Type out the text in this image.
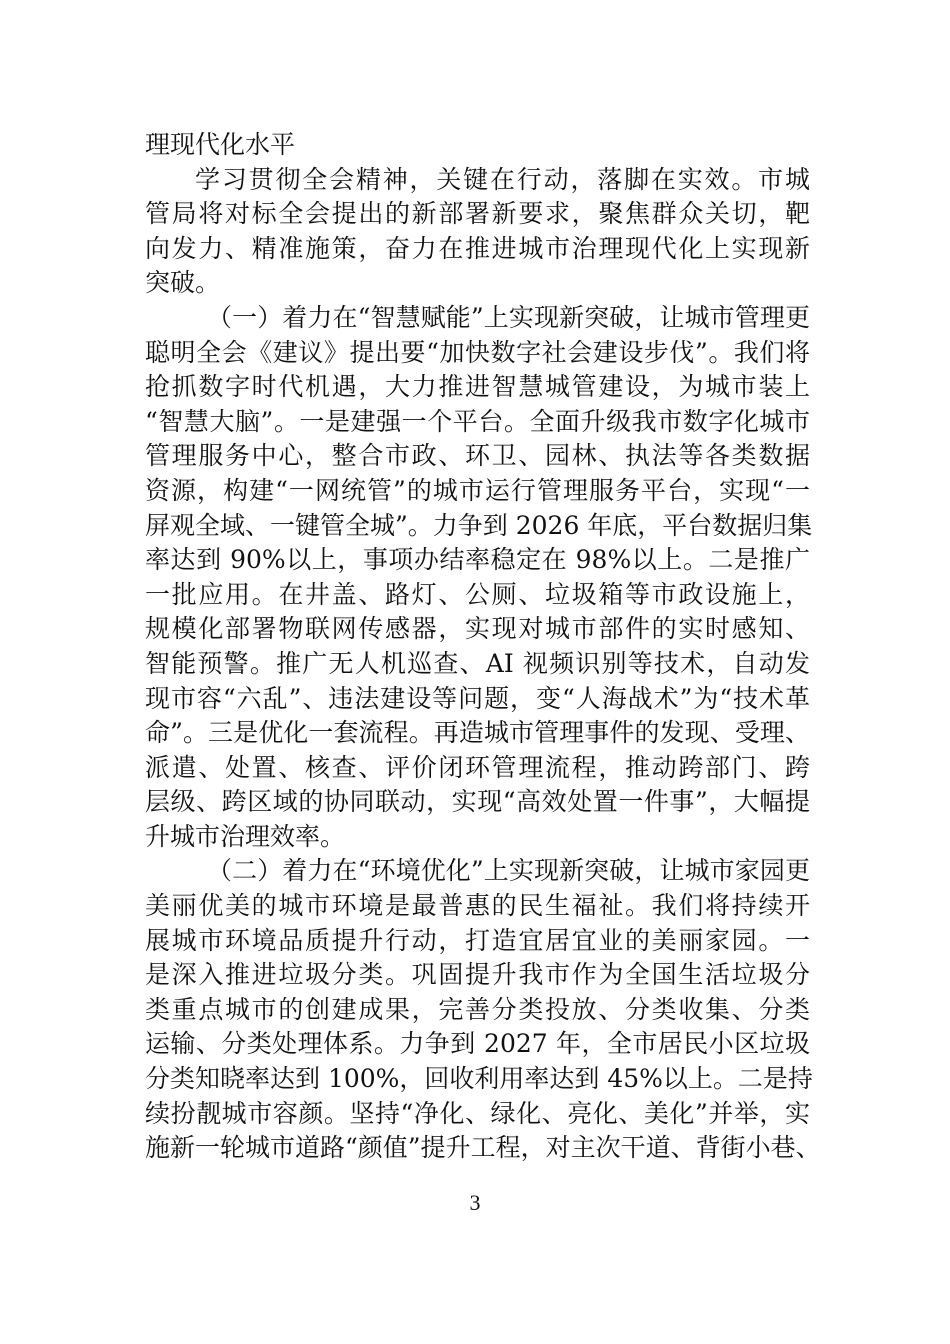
理现代化水平
学习贯彻全会精神，关键在行动，落脚在实效。市城
管局将对标全会提出的新部署新要求，聚焦群众关切，靶
向发力、精准施策，奋力在推进城市治理现代化上实现新
突破。
（一）着力在“智慧赋能”上实现新突破，让城市管理更
聪明全会《建议》提出要“加快数字社会建设步伐”。我们将
抢抓数字时代机遇，大力推进智慧城管建设，为城市装上
“智慧大脑”。一是建强一个平台。全面升级我市数字化城市
管理服务中心，整合市政、环卫、园林、执法等各类数据
资源，构建“一网统管”的城市运行管理服务平台，实现“一
屏观全域、一键管全城”。力争到 2026 年底，平台数据归集
率达到 90%以上，事项办结率稳定在 98%以上。二是推广
一批应用。在井盖、路灯、公厕、垃圾箱等市政设施上，
规模化部署物联网传感器，实现对城市部件的实时感知、
智能预警。推广无人机巡查、AI 视频识别等技术，自动发
现市容“六乱”、违法建设等问题，变“人海战术”为“技术革
命”。三是优化一套流程。再造城市管理事件的发现、受理、
派遣、处置、核查、评价闭环管理流程，推动跨部门、跨
层级、跨区域的协同联动，实现“高效处置一件事”，大幅提
升城市治理效率。
（二）着力在“环境优化”上实现新突破，让城市家园更
美丽优美的城市环境是最普惠的民生福祉。我们将持续开
展城市环境品质提升行动，打造宜居宜业的美丽家园。一
是深入推进垃圾分类。巩固提升我市作为全国生活垃圾分
类重点城市的创建成果，完善分类投放、分类收集、分类
运输、分类处理体系。力争到 2027 年，全市居民小区垃圾
分类知晓率达到 100%，回收利用率达到 45%以上。二是持
续扮靓城市容颜。坚持“净化、绿化、亮化、美化”并举，实
施新一轮城市道路“颜值”提升工程，对主次干道、背街小巷、
3
